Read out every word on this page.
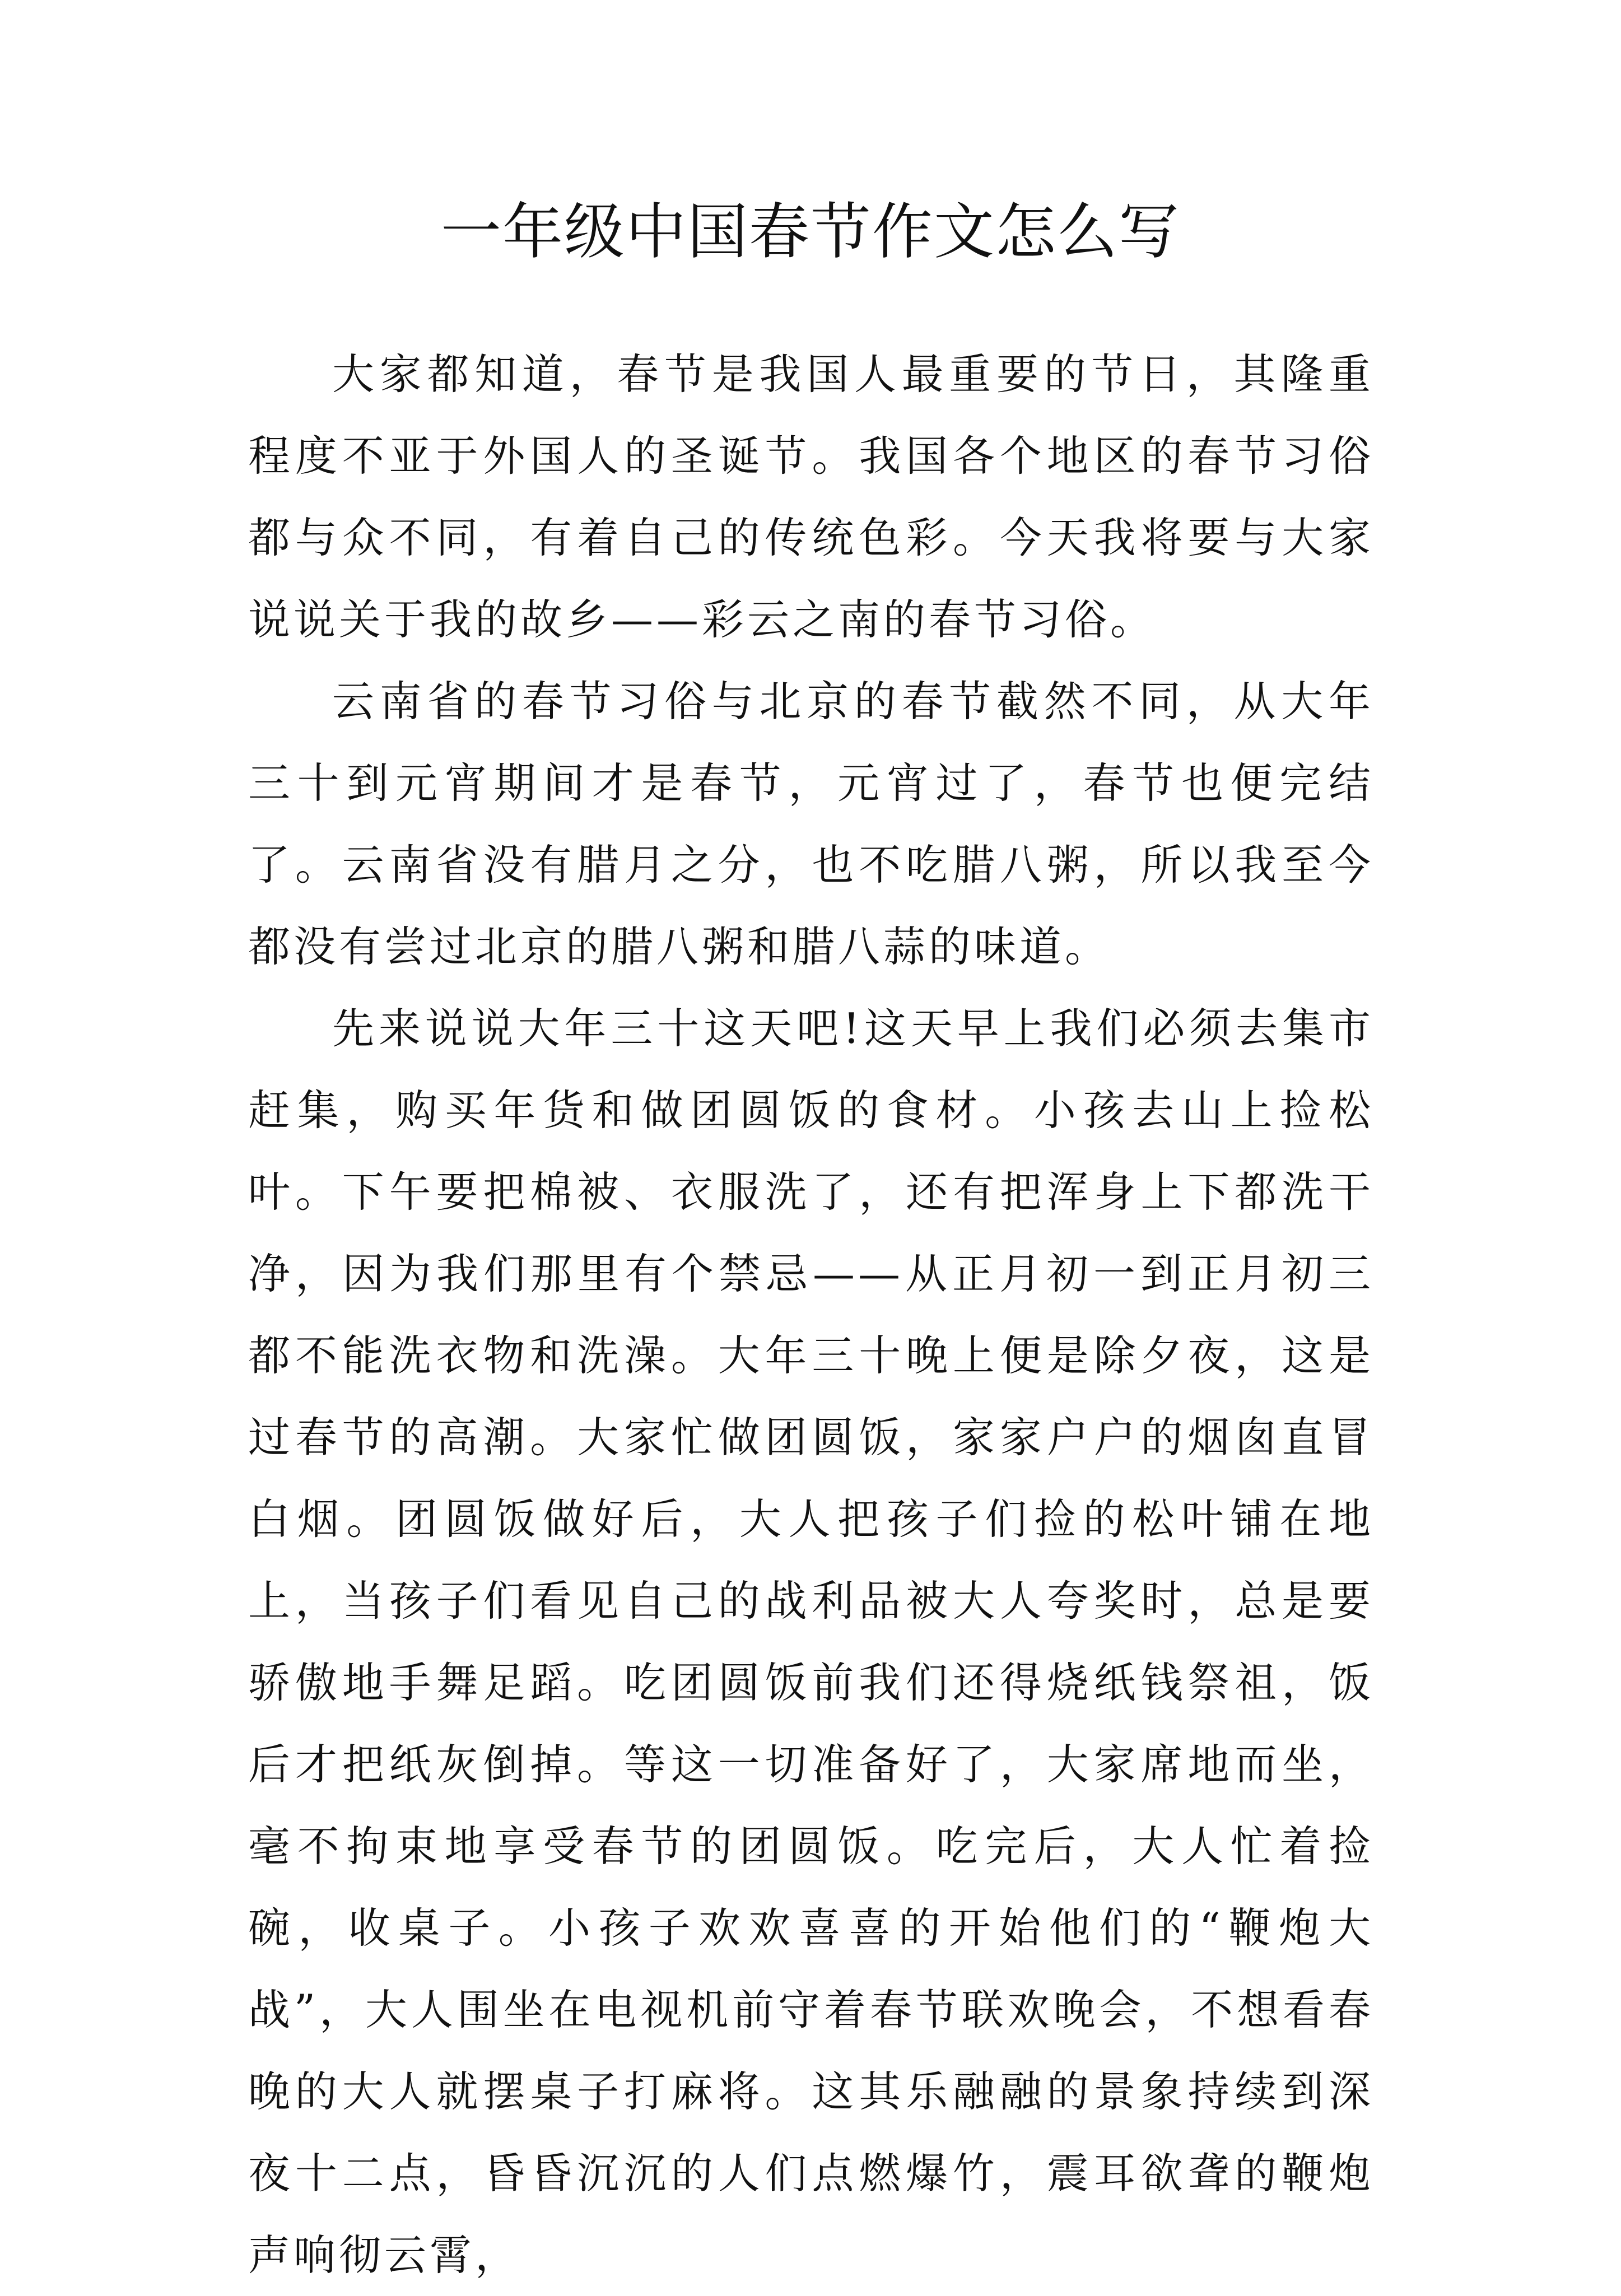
一年级中国春节作文怎么写

大家都知道，春节是我国人最重要的节日，其隆重程度不亚于外国人的圣诞节。我国各个地区的春节习俗都与众不同，有着自己的传统色彩。今天我将要与大家说说关于我的故乡——彩云之南的春节习俗。

云南省的春节习俗与北京的春节截然不同，从大年三十到元宵期间才是春节，元宵过了，春节也便完结了。云南省没有腊月之分，也不吃腊八粥，所以我至今都没有尝过北京的腊八粥和腊八蒜的味道。

先来说说大年三十这天吧!这天早上我们必须去集市赶集，购买年货和做团圆饭的食材。小孩去山上捡松叶。下午要把棉被、衣服洗了，还有把浑身上下都洗干净，因为我们那里有个禁忌——从正月初一到正月初三都不能洗衣物和洗澡。大年三十晚上便是除夕夜，这是过春节的高潮。大家忙做团圆饭，家家户户的烟囱直冒白烟。团圆饭做好后，大人把孩子们捡的松叶铺在地上，当孩子们看见自己的战利品被大人夸奖时，总是要骄傲地手舞足蹈。吃团圆饭前我们还得烧纸钱祭祖，饭后才把纸灰倒掉。等这一切准备好了，大家席地而坐，毫不拘束地享受春节的团圆饭。吃完后，大人忙着捡碗，收桌子。小孩子欢欢喜喜的开始他们的“鞭炮大战”，大人围坐在电视机前守着春节联欢晚会，不想看春晚的大人就摆桌子打麻将。这其乐融融的景象持续到深夜十二点，昏昏沉沉的人们点燃爆竹，震耳欲聋的鞭炮声响彻云霄，
